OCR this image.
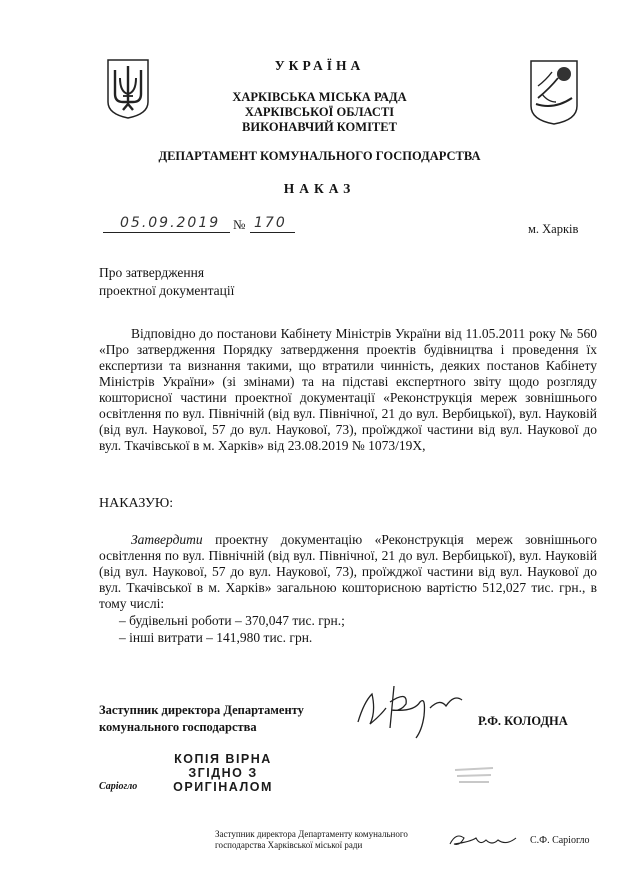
УКРАЇНА
ХАРКІВСЬКА МІСЬКА РАДА
ХАРКІВСЬКОЇ ОБЛАСТІ
ВИКОНАВЧИЙ КОМІТЕТ
ДЕПАРТАМЕНТ КОМУНАЛЬНОГО ГОСПОДАРСТВА
НАКАЗ
05.09.2019 № 170	м. Харків
Про затвердження
проектної документації
Відповідно до постанови Кабінету Міністрів України від 11.05.2011 року № 560 «Про затвердження Порядку затвердження проектів будівництва і проведення їх експертизи та визнання такими, що втратили чинність, деяких постанов Кабінету Міністрів України» (зі змінами) та на підставі експертного звіту щодо розгляду кошторисної частини проектної документації «Реконструкція мереж зовнішнього освітлення по вул. Північній (від вул. Північної, 21 до вул. Вербицької), вул. Науковій (від вул. Наукової, 57 до вул. Наукової, 73), проїжджої частини від вул. Наукової до вул. Ткачівської в м. Харків» від 23.08.2019 № 1073/19Х,
НАКАЗУЮ:
Затвердити проектну документацію «Реконструкція мереж зовнішнього освітлення по вул. Північній (від вул. Північної, 21 до вул. Вербицької), вул. Науковій (від вул. Наукової, 57 до вул. Наукової, 73), проїжджої частини від вул. Наукової до вул. Ткачівської в м. Харків» загальною кошторисною вартістю 512,027 тис. грн., в тому числі:
– будівельні роботи – 370,047 тис. грн.;
– інші витрати – 141,980 тис. грн.
Заступник директора Департаменту
комунального господарства	Р.Ф. КОЛОДНА
КОПІЯ ВІРНА
ЗГІДНО З
ОРИГІНАЛОМ
Саріогло
Заступник директора Департаменту комунального
господарства Харківської міської ради	С.Ф. Саріогло
